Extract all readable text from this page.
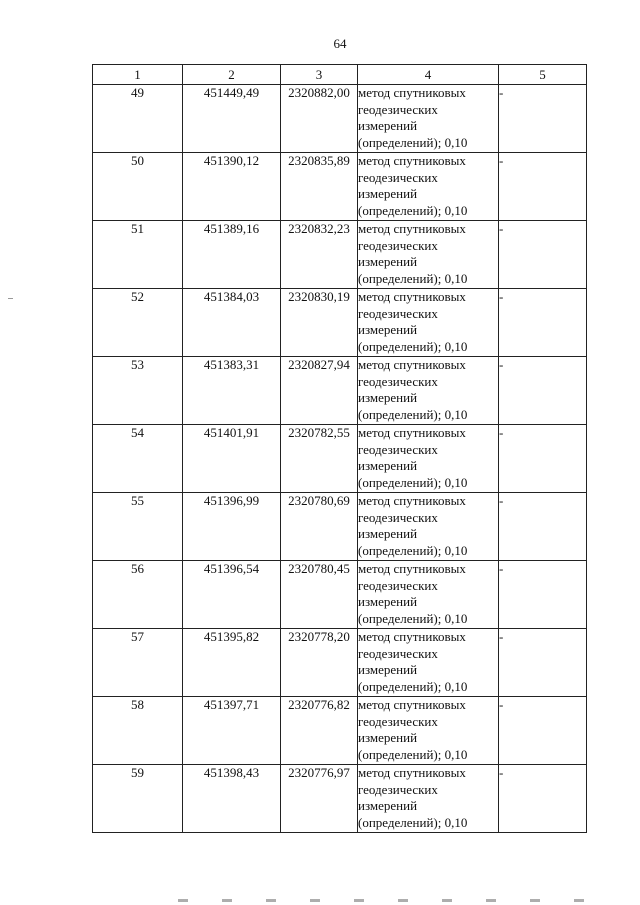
64
1	2	3	4	5
49	451449,49	2320882,00	метод спутниковых геодезических измерений (определений); 0,10	-
50	451390,12	2320835,89	метод спутниковых геодезических измерений (определений); 0,10	-
51	451389,16	2320832,23	метод спутниковых геодезических измерений (определений); 0,10	-
52	451384,03	2320830,19	метод спутниковых геодезических измерений (определений); 0,10	-
53	451383,31	2320827,94	метод спутниковых геодезических измерений (определений); 0,10	-
54	451401,91	2320782,55	метод спутниковых геодезических измерений (определений); 0,10	-
55	451396,99	2320780,69	метод спутниковых геодезических измерений (определений); 0,10	-
56	451396,54	2320780,45	метод спутниковых геодезических измерений (определений); 0,10	-
57	451395,82	2320778,20	метод спутниковых геодезических измерений (определений); 0,10	-
58	451397,71	2320776,82	метод спутниковых геодезических измерений (определений); 0,10	-
59	451398,43	2320776,97	метод спутниковых геодезических измерений (определений); 0,10	-
